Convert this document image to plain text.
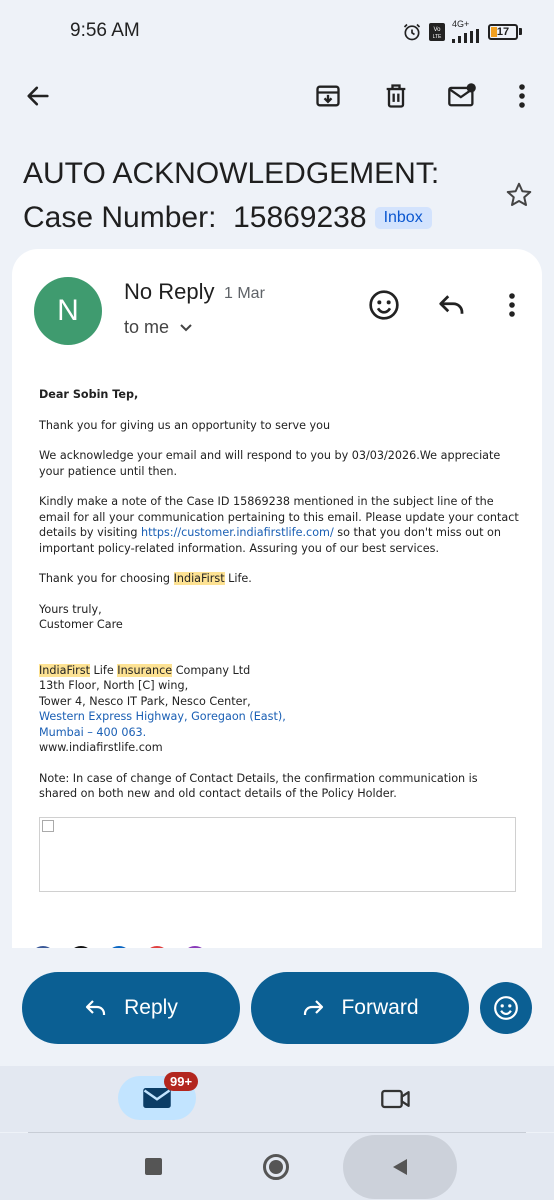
9:56 AM	Vo
LTE
4G+
17
AUTO ACKNOWLEDGEMENT:
Case Number:  15869238	Inbox
N
No Reply 1 Mar
to me

Dear Sobin Tep,

Thank you for giving us an opportunity to serve you

We acknowledge your email and will respond to you by 03/03/2026.We appreciate your patience until then.

Kindly make a note of the Case ID 15869238 mentioned in the subject line of the email for all your communication pertaining to this email. Please update your contact details by visiting https://customer.indiafirstlife.com/ so that you don't miss out on important policy-related information. Assuring you of our best services.

Thank you for choosing IndiaFirst Life.

Yours truly,
Customer Care

IndiaFirst Life Insurance Company Ltd
13th Floor, North [C] wing,
Tower 4, Nesco IT Park, Nesco Center,
Western Express Highway, Goregaon (East),
Mumbai – 400 063.
www.indiafirstlife.com

Note: In case of change of Contact Details, the confirmation communication is shared on both new and old contact details of the Policy Holder.

Reply	Forward
99+
